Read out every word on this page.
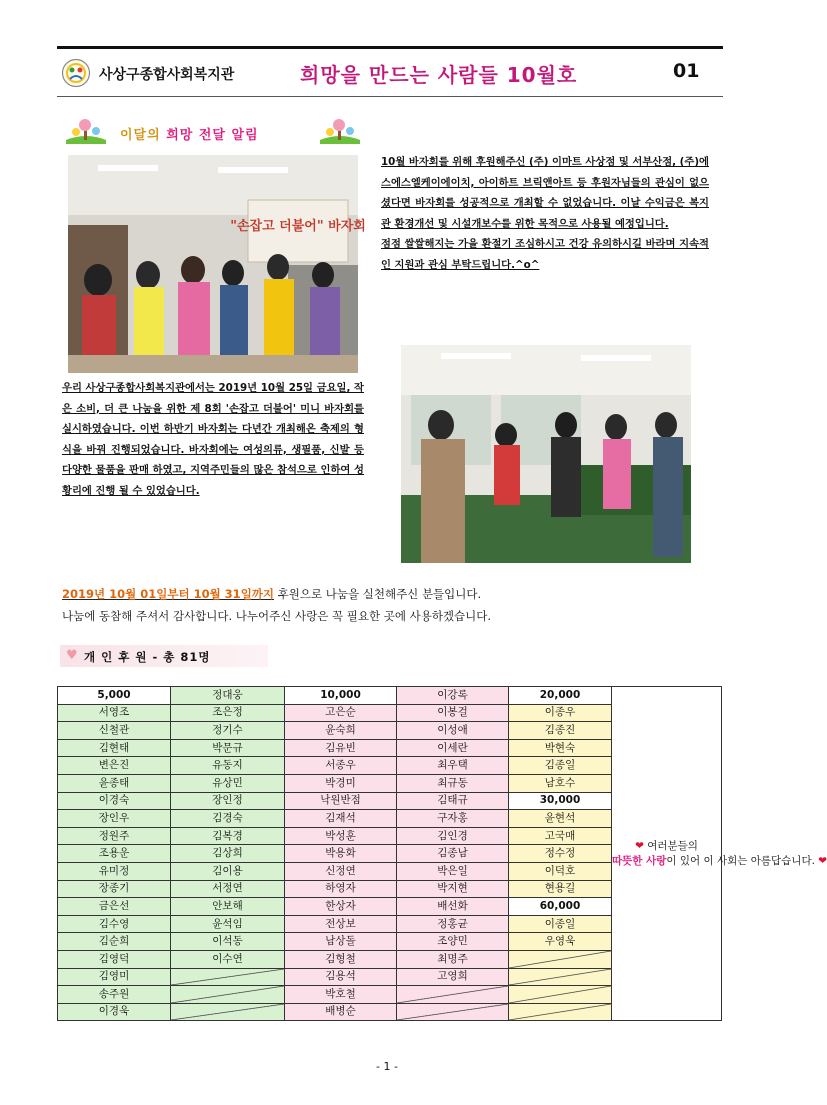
사상구종합사회복지관	희망을 만드는 사람들 10월호	01
이달의 희망 전달 알림
"손잡고 더불어" 바자회
우리 사상구종합사회복지관에서는 2019년 10월 25일 금요일, 작은 소비, 더 큰 나눔을 위한 제 8회 '손잡고 더불어' 미니 바자회를 실시하였습니다. 이번 하반기 바자회는 다년간 개최해온 축제의 형식을 바꿔 진행되었습니다. 바자회에는 여성의류, 생필품, 신발 등 다양한 물품을 판매 하였고, 지역주민들의 많은 참석으로 인하여 성황리에 진행 될 수 있었습니다.
10월 바자회를 위해 후원해주신 (주) 이마트 사상점 및 서부산점, (주)에스에스엘케이에이치, 아이하트 브릭앤아트 등 후원자님들의 관심이 없으셨다면 바자회를 성공적으로 개최할 수 없었습니다. 이날 수익금은 복지관 환경개선 및 시설개보수를 위한 목적으로 사용될 예정입니다.
점점 쌀쌀해지는 가을 환절기 조심하시고 건강 유의하시길 바라며 지속적인 지원과 관심 부탁드립니다.^o^
2019년 10월 01일부터 10월 31일까지 후원으로 나눔을 실천해주신 분들입니다.
나눔에 동참해 주셔서 감사합니다. 나누어주신 사랑은 꼭 필요한 곳에 사용하겠습니다.
♥ 개 인 후 원 - 총 81명
5,000	정대웅	10,000	이강록	20,000	❤ 여러분들의
따뜻한 사랑이 있어 이 사회는 아름답습니다. ❤

서영조	조은정	고은순	이봉걸	이종우	
신철관	정기수	윤숙희	이성애	김종진	
김현태	박문규	김유빈	이세란	박현숙	
변은진	유동지	서종우	최우택	김종일	
윤종태	유상민	박경미	최규동	남호수	
이경숙	장인정	낙원반점	김태규	30,000	
장인우	김경숙	김재석	구자홍	윤현석	
정원주	김복경	박성훈	김인경	고국매	
조용운	김상희	박용화	김종남	정수정	
유미정	김이용	신정연	박은일	이덕호	
장종기	서정연	하영자	박지현	현용길	
금은선	안보해	한상자	배선화	60,000	
김수영	윤석임	전상보	정홍균	이종일	
김순희	이석동	남상돌	조양민	우영욱	
김영덕	이수연	김형철	최명주		
김영미		김용석	고영희		
송주원		박호철			
이경욱		배병순			
- 1 -
